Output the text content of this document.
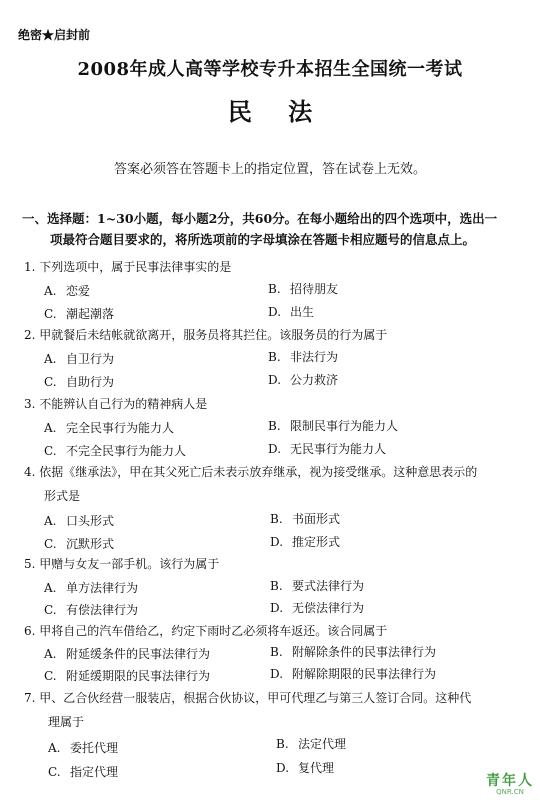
绝密★启封前
2008年成人高等学校专升本招生全国统一考试
民 法
答案必须答在答题卡上的指定位置，答在试卷上无效。
一、选择题：1~30小题，每小题2分，共60分。在每小题给出的四个选项中，选出一
项最符合题目要求的，将所选项前的字母填涂在答题卡相应题号的信息点上。
1. 下列选项中，属于民事法律事实的是
A. 恋爱	B. 招待朋友
C. 潮起潮落	D. 出生
2. 甲就餐后未结帐就欲离开，服务员将其拦住。该服务员的行为属于
A. 自卫行为	B. 非法行为
C. 自助行为	D. 公力救济
3. 不能辨认自己行为的精神病人是
A. 完全民事行为能力人	B. 限制民事行为能力人
C. 不完全民事行为能力人	D. 无民事行为能力人
4. 依据《继承法》，甲在其父死亡后未表示放弃继承，视为接受继承。这种意思表示的
形式是
A. 口头形式	B. 书面形式
C. 沉默形式	D. 推定形式
5. 甲赠与女友一部手机。该行为属于
A. 单方法律行为	B. 要式法律行为
C. 有偿法律行为	D. 无偿法律行为
6. 甲将自己的汽车借给乙，约定下雨时乙必须将车返还。该合同属于
A. 附延缓条件的民事法律行为	B. 附解除条件的民事法律行为
C. 附延缓期限的民事法律行为	D. 附解除期限的民事法律行为
7. 甲、乙合伙经营一服装店，根据合伙协议，甲可代理乙与第三人签订合同。这种代
理属于
A. 委托代理	B. 法定代理
C. 指定代理	D. 复代理
青年人
QNR.CN
